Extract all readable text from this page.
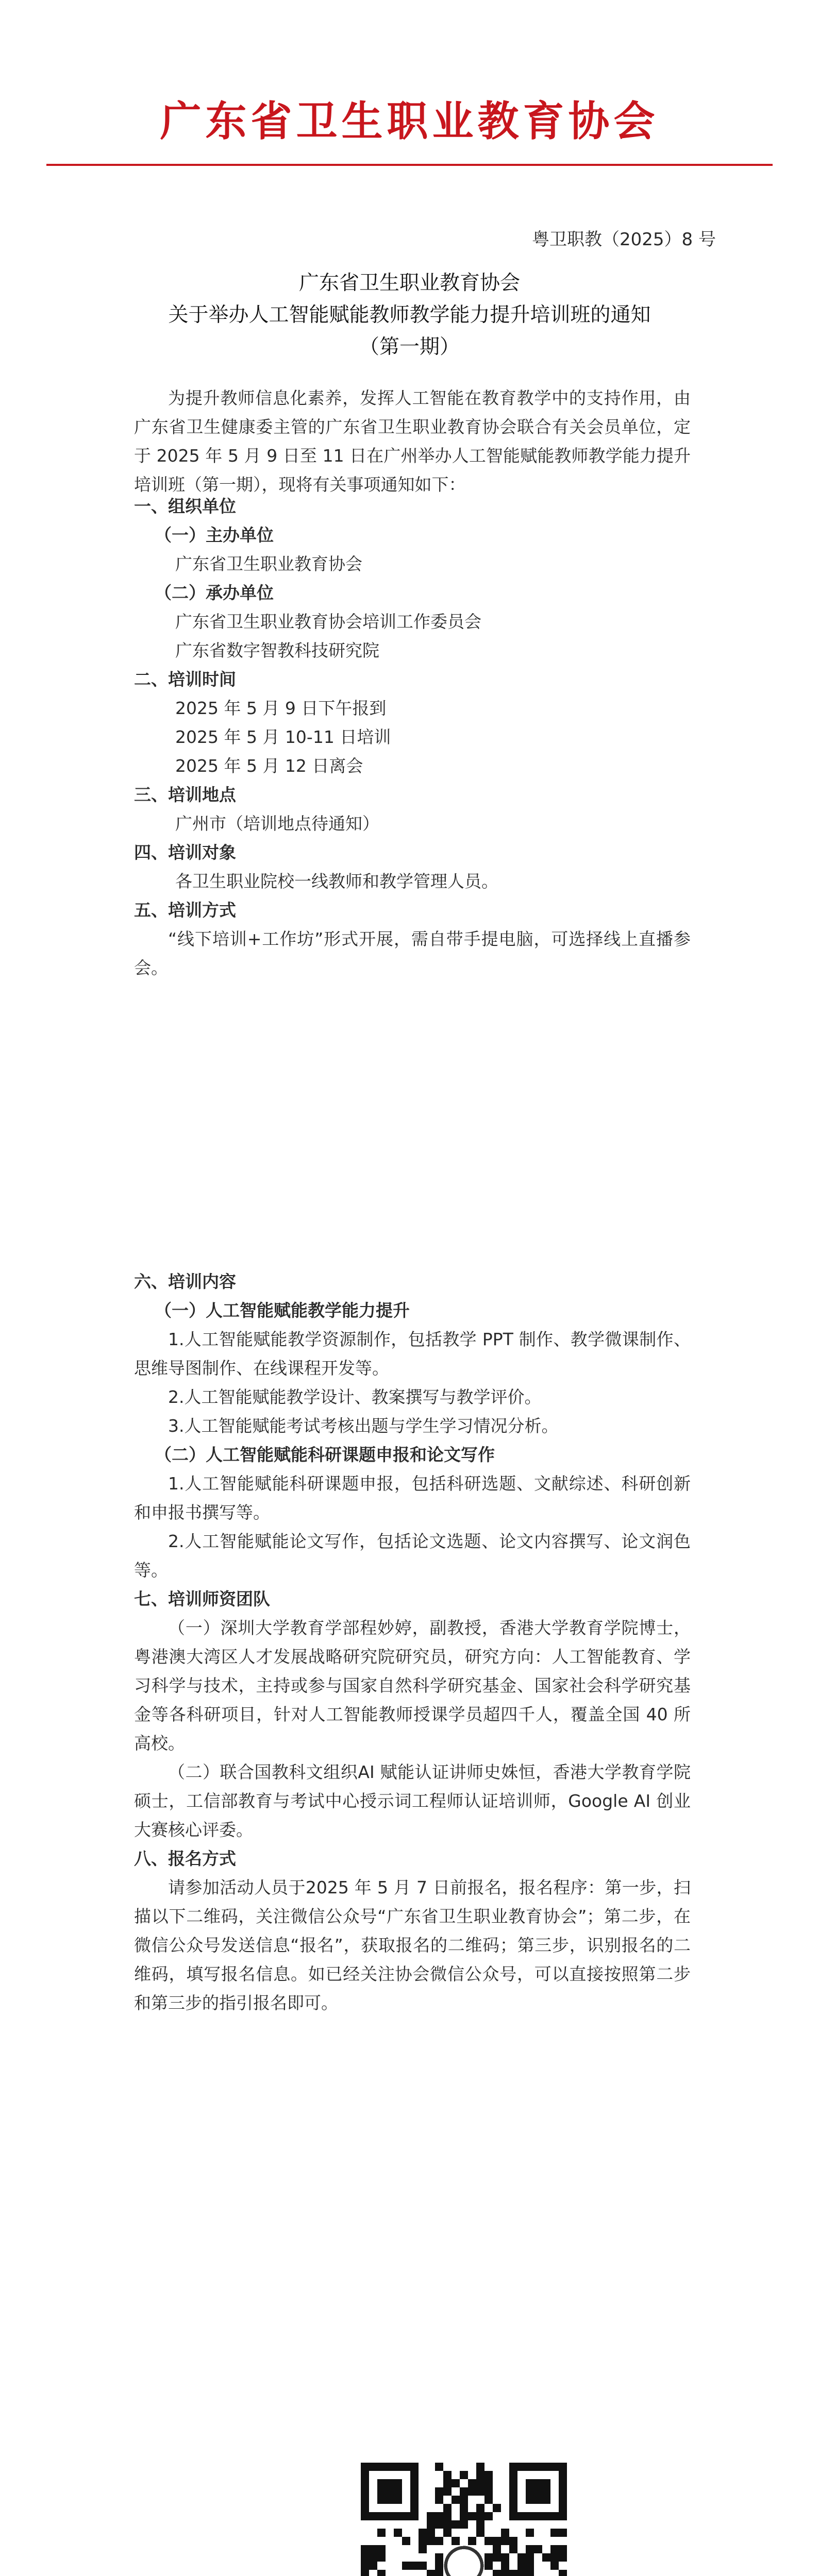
广东省卫生职业教育协会
粤卫职教（2025）8 号
广东省卫生职业教育协会
关于举办人工智能赋能教师教学能力提升培训班的通知
（第一期）
为提升教师信息化素养，发挥人工智能在教育教学中的支持作用，由广东省卫生健康委主管的广东省卫生职业教育协会联合有关会员单位，定于 2025 年 5 月 9 日至 11 日在广州举办人工智能赋能教师教学能力提升培训班（第一期），现将有关事项通知如下：
一、组织单位
（一）主办单位
广东省卫生职业教育协会
（二）承办单位
广东省卫生职业教育协会培训工作委员会
广东省数字智教科技研究院
二、培训时间
2025 年 5 月 9 日下午报到
2025 年 5 月 10-11 日培训
2025 年 5 月 12 日离会
三、培训地点
广州市（培训地点待通知）
四、培训对象
各卫生职业院校一线教师和教学管理人员。
五、培训方式
“线下培训+工作坊”形式开展，需自带手提电脑，可选择线上直播参会。
六、培训内容
（一）人工智能赋能教学能力提升
1.人工智能赋能教学资源制作，包括教学 PPT 制作、教学微课制作、思维导图制作、在线课程开发等。
2.人工智能赋能教学设计、教案撰写与教学评价。
3.人工智能赋能考试考核出题与学生学习情况分析。
（二）人工智能赋能科研课题申报和论文写作
1.人工智能赋能科研课题申报，包括科研选题、文献综述、科研创新和申报书撰写等。
2.人工智能赋能论文写作，包括论文选题、论文内容撰写、论文润色等。
七、培训师资团队
（一）深圳大学教育学部程妙婷，副教授，香港大学教育学院博士，粤港澳大湾区人才发展战略研究院研究员，研究方向：人工智能教育、学习科学与技术，主持或参与国家自然科学研究基金、国家社会科学研究基金等各科研项目，针对人工智能教师授课学员超四千人，覆盖全国 40 所高校。
（二）联合国教科文组织AI 赋能认证讲师史姝恒，香港大学教育学院硕士，工信部教育与考试中心授示词工程师认证培训师，Google AI 创业大赛核心评委。
八、报名方式
请参加活动人员于2025 年 5 月 7 日前报名，报名程序：第一步，扫描以下二维码，关注微信公众号“广东省卫生职业教育协会”；第二步，在微信公众号发送信息“报名”，获取报名的二维码；第三步，识别报名的二维码，填写报名信息。如已经关注协会微信公众号，可以直接按照第二步和第三步的指引报名即可。
